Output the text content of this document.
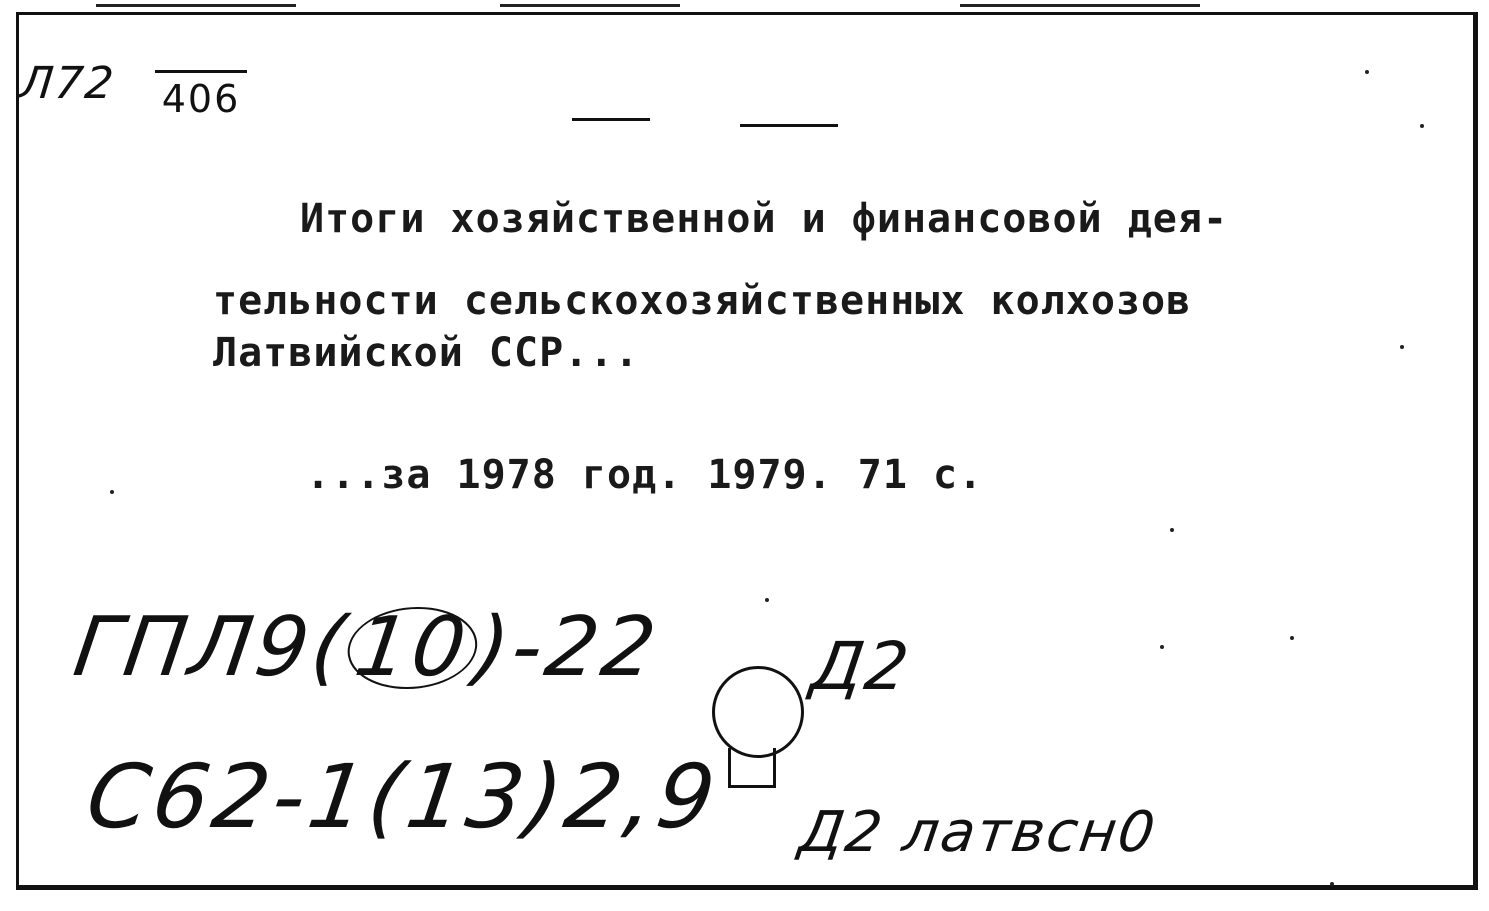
Л72 406
Итоги хозяйственной и финансовой дея-
тельности сельскохозяйственных колхозов
Латвийской ССР...
...за 1978 год. 1979. 71 с.
ГПЛ9(10)-22 Д2
С62-1(13)2,9 Д2 латвсн0
